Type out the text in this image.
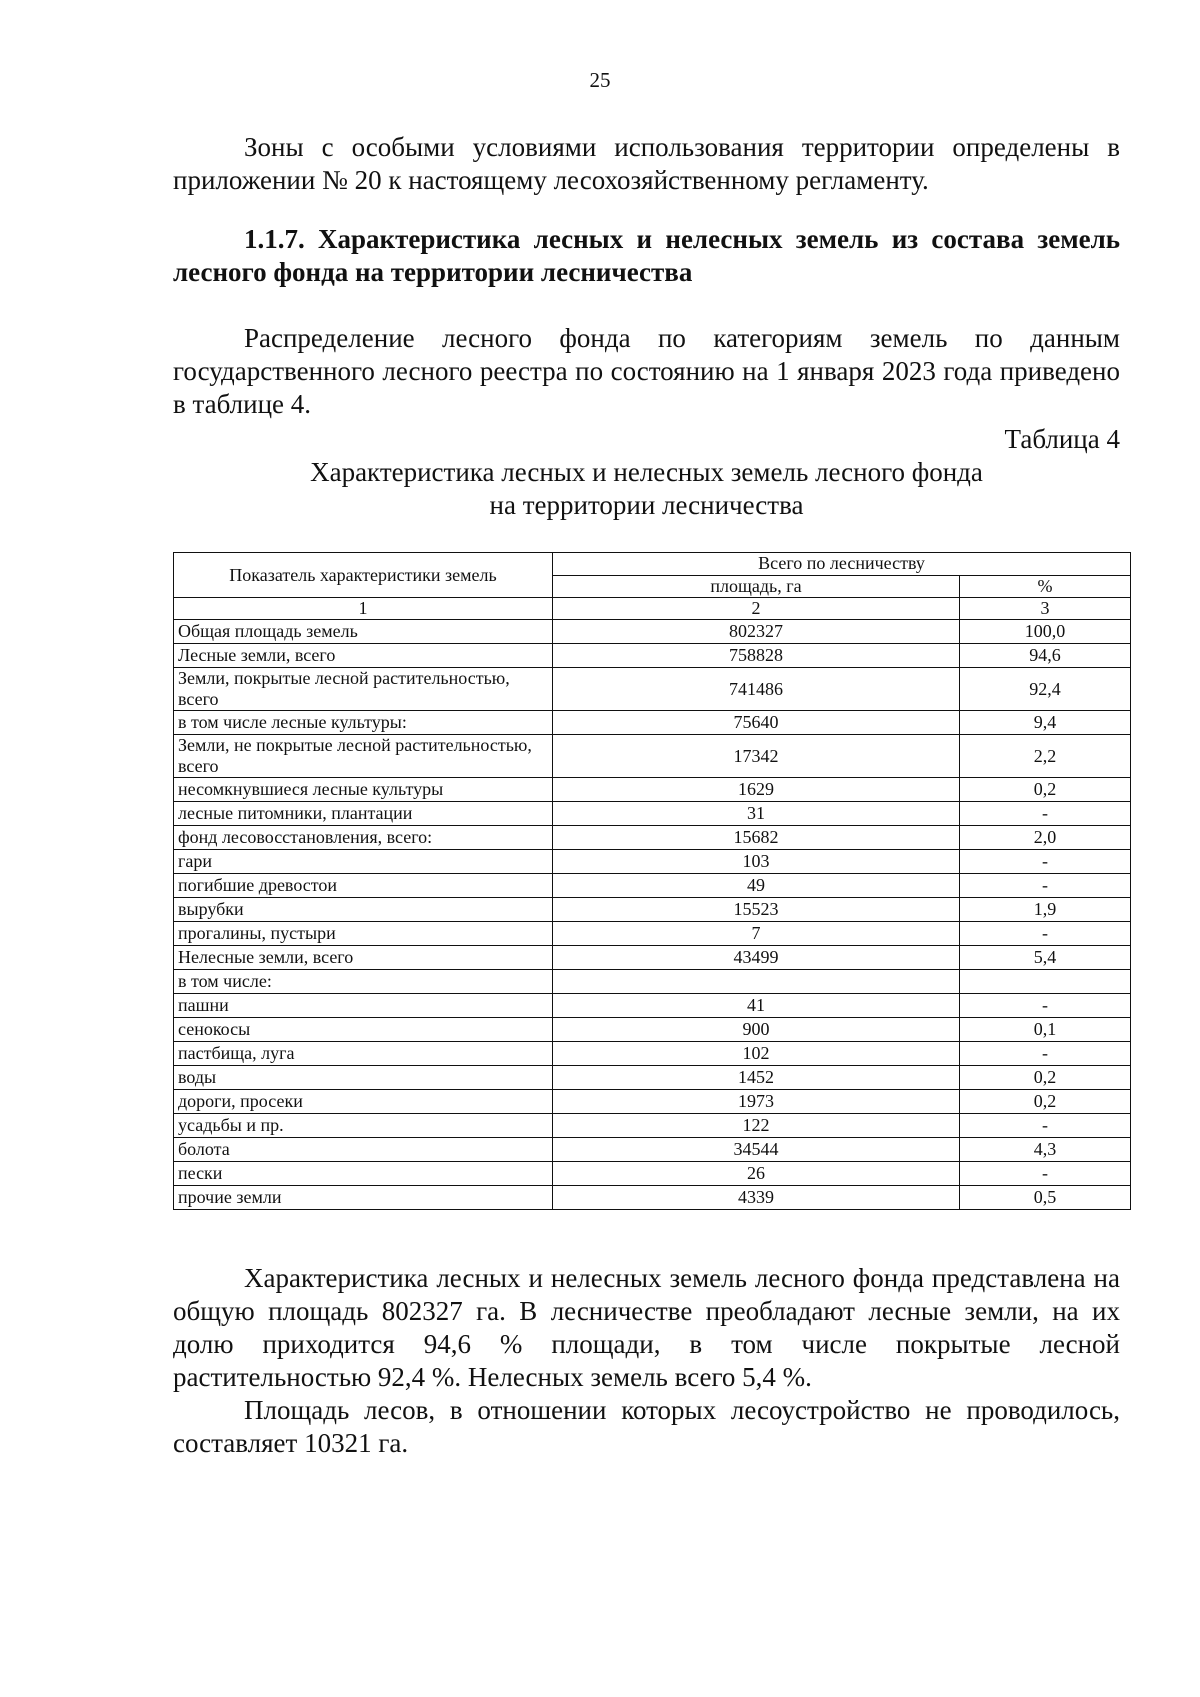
25

Зоны с особыми условиями использования территории определены в приложении № 20 к настоящему лесохозяйственному регламенту.

1.1.7. Характеристика лесных и нелесных земель из состава земель лесного фонда на территории лесничества

Распределение лесного фонда по категориям земель по данным государственного лесного реестра по состоянию на 1 января 2023 года приведено в таблице 4.

Таблица 4
Характеристика лесных и нелесных земель лесного фонда
на территории лесничества
Показатель характеристики земель	Всего по лесничеству	
	площадь, га	%
1	2	3
Общая площадь земель	802327	100,0
Лесные земли, всего	758828	94,6
Земли, покрытые лесной растительностью, всего	741486	92,4
в том числе лесные культуры:	75640	9,4
Земли, не покрытые лесной растительностью, всего	17342	2,2
несомкнувшиеся лесные культуры	1629	0,2
лесные питомники, плантации	31	-
фонд лесовосстановления, всего:	15682	2,0
гари	103	-
погибшие древостои	49	-
вырубки	15523	1,9
прогалины, пустыри	7	-
Нелесные земли, всего	43499	5,4
в том числе:		
пашни	41	-
сенокосы	900	0,1
пастбища, луга	102	-
воды	1452	0,2
дороги, просеки	1973	0,2
усадьбы и пр.	122	-
болота	34544	4,3
пески	26	-
прочие земли	4339	0,5

Характеристика лесных и нелесных земель лесного фонда представлена на общую площадь 802327 га. В лесничестве преобладают лесные земли, на их долю приходится 94,6 % площади, в том числе покрытые лесной растительностью 92,4 %. Нелесных земель всего 5,4 %.

Площадь лесов, в отношении которых лесоустройство не проводилось, составляет 10321 га.
